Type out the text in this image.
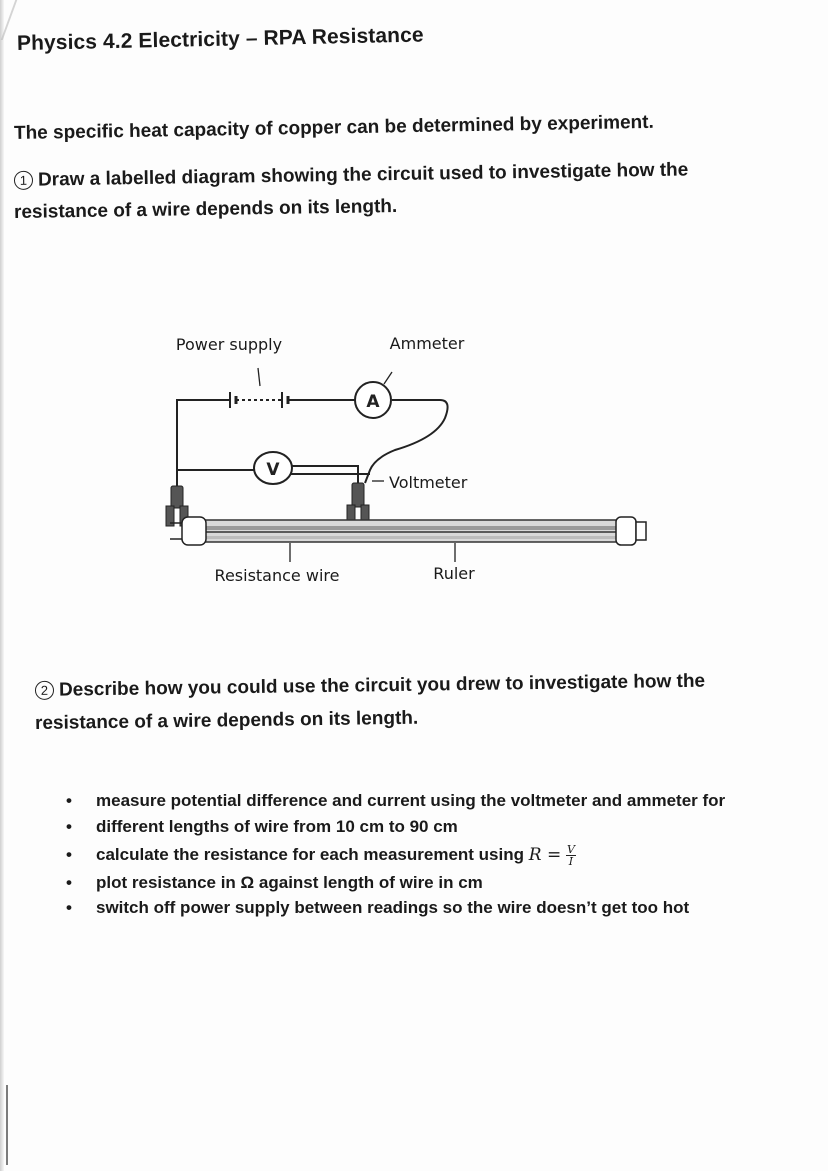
Physics 4.2 Electricity – RPA Resistance
The specific heat capacity of copper can be determined by experiment.
1 Draw a labelled diagram showing the circuit used to investigate how the
resistance of a wire depends on its length.
A
V
Power supply	Ammeter
Voltmeter
Resistance wire	Ruler
2 Describe how you could use the circuit you drew to investigate how the
resistance of a wire depends on its length.
• measure potential difference and current using the voltmeter and ammeter for
• different lengths of wire from 10 cm to 90 cm
• calculate the resistance for each measurement using $R = \frac{V}{I}$
• plot resistance in Ω against length of wire in cm
• switch off power supply between readings so the wire doesn’t get too hot
